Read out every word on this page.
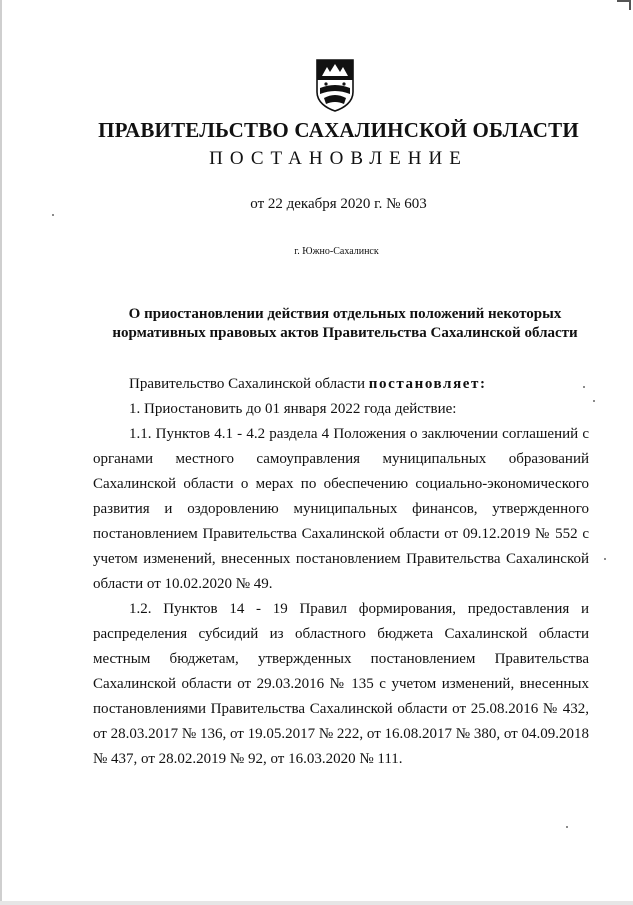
ПРАВИТЕЛЬСТВО САХАЛИНСКОЙ ОБЛАСТИ
ПОСТАНОВЛЕНИЕ
от 22 декабря 2020 г. № 603
г. Южно-Сахалинск
О приостановлении действия отдельных положений некоторых
нормативных правовых актов Правительства Сахалинской области

Правительство Сахалинской области постановляет:

1. Приостановить до 01 января 2022 года действие:

1.1. Пунктов 4.1 - 4.2 раздела 4 Положения о заключении соглашений с органами местного самоуправления муниципальных образований Сахалинской области о мерах по обеспечению социально-экономического развития и оздоровлению муниципальных финансов, утвержденного постановлением Правительства Сахалинской области от 09.12.2019 № 552 с учетом изменений, внесенных постановлением Правительства Сахалинской области от 10.02.2020 № 49.

1.2. Пунктов 14 - 19 Правил формирования, предоставления и распределения субсидий из областного бюджета Сахалинской области местным бюджетам, утвержденных постановлением Правительства Сахалинской области от 29.03.2016 № 135 с учетом изменений, внесенных постановлениями Правительства Сахалинской области от 25.08.2016 № 432, от 28.03.2017 № 136, от 19.05.2017 № 222, от 16.08.2017 № 380, от 04.09.2018 № 437, от 28.02.2019 № 92, от 16.03.2020 № 111.
